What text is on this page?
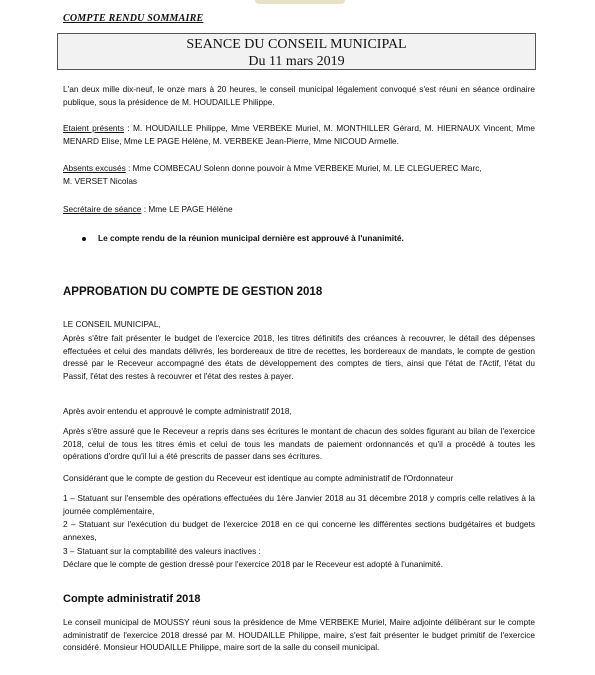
COMPTE RENDU SOMMAIRE
SEANCE DU CONSEIL MUNICIPAL
Du 11 mars 2019

L'an deux mille dix-neuf, le onze mars à 20 heures, le conseil municipal légalement convoqué s'est réuni en séance ordinaire publique, sous la présidence de M. HOUDAILLE Philippe.

Etaient présents : M. HOUDAILLE Philippe, Mme VERBEKE Muriel, M. MONTHILLER Gérard, M. HIERNAUX Vincent, Mme MENARD Elise, Mme LE PAGE Hélène, M. VERBEKE Jean-Pierre, Mme NICOUD Armelle.

Absents excusés : Mme COMBECAU Solenn donne pouvoir à Mme VERBEKE Muriel, M. LE CLEGUEREC Marc, M. VERSET Nicolas

Secrétaire de séance : Mme LE PAGE Hélène

Le compte rendu de la réunion municipal dernière est approuvé à l'unanimité.
APPROBATION DU COMPTE DE GESTION 2018

LE CONSEIL MUNICIPAL,

Après s'être fait présenter le budget de l'exercice 2018, les titres définitifs des créances à recouvrer, le détail des dépenses effectuées et celui des mandats délivrés, les bordereaux de titre de recettes, les bordereaux de mandats, le compte de gestion dressé par le Receveur accompagné des états de développement des comptes de tiers, ainsi que l'état de l'Actif, l'état du Passif, l'état des restes à recouvrer et l'état des restes à payer.

Après avoir entendu et approuvé le compte administratif 2018,

Après s'être assuré que le Receveur a repris dans ses écritures le montant de chacun des soldes figurant au bilan de l'exercice 2018, celui de tous les titres émis et celui de tous les mandats de paiement ordonnancés et qu'il a procédé à toutes les opérations d'ordre qu'il lui a été prescrits de passer dans ses écritures.

Considérant que le compte de gestion du Receveur est identique au compte administratif de l'Ordonnateur

1 – Statuant sur l'ensemble des opérations effectuées du 1ère Janvier 2018 au 31 décembre 2018 y compris celle relatives à la journée complémentaire,

2 – Statuant sur l'exécution du budget de l'exercice 2018 en ce qui concerne les différentes sections budgétaires et budgets annexes,

3 – Statuant sur la comptabilité des valeurs inactives :

Déclare que le compte de gestion dressé pour l'exercice 2018 par le Receveur est adopté à l'unanimité.

Compte administratif 2018

Le conseil municipal de MOUSSY réuni sous la présidence de Mme VERBEKE Muriel, Maire adjointe délibérant sur le compte administratif de l'exercice 2018 dressé par M. HOUDAILLE Philippe, maire, s'est fait présenter le budget primitif de l'exercice considéré. Monsieur HOUDAILLE Philippe, maire sort de la salle du conseil municipal.
